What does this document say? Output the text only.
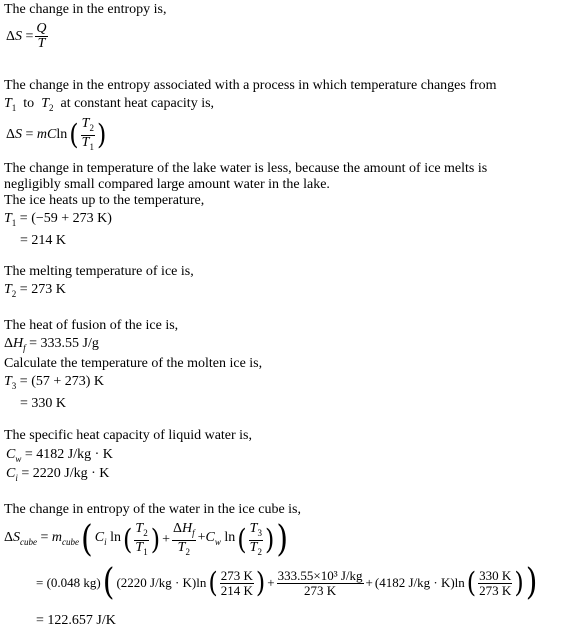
The change in the entropy is,
$\Delta S = \frac{Q}{T}$
The change in the entropy associated with a process in which temperature changes from
$T_1$  to  $T_2$ at constant heat capacity is,
ΔS = mCln ( $\frac{T_2}{T_1}$ )
The change in temperature of the lake water is less, because the amount of ice melts is
negligibly small compared large amount water in the lake.
The ice heats up to the temperature,
$T_1 = (-59 + 273$ K)
= 214 K
The melting temperature of ice is,
$T_2 = 273$ K
The heat of fusion of the ice is,
$\Delta H_f = 333.55$ J/g
Calculate the temperature of the molten ice is,
$T_3 = (57 + 273)$ K
= 330 K
The specific heat capacity of liquid water is,
$C_w = 4182$ J/kg · K
$C_i = 2220$ J/kg · K
The change in entropy of the water in the ice cube is,
$\Delta S_{cube} = m_{cube}$ ( $C_i$ ln ( $\frac{T_2}{T_1}$ ) + $\frac{\Delta H_f}{T_2} +C_w$ ln ( $\frac{T_3}{T_2}$ ) )
= (0.048 kg) ( (2220 J/kg · K)ln ( $\frac{273 K}{214 K}$ ) + $\frac{\text{333.55×10³ J/kg}}{273 K} + (4182$ J/kg · K)ln ( $\frac{330 K}{273 K}$ ) )
= 122.657 J/K
